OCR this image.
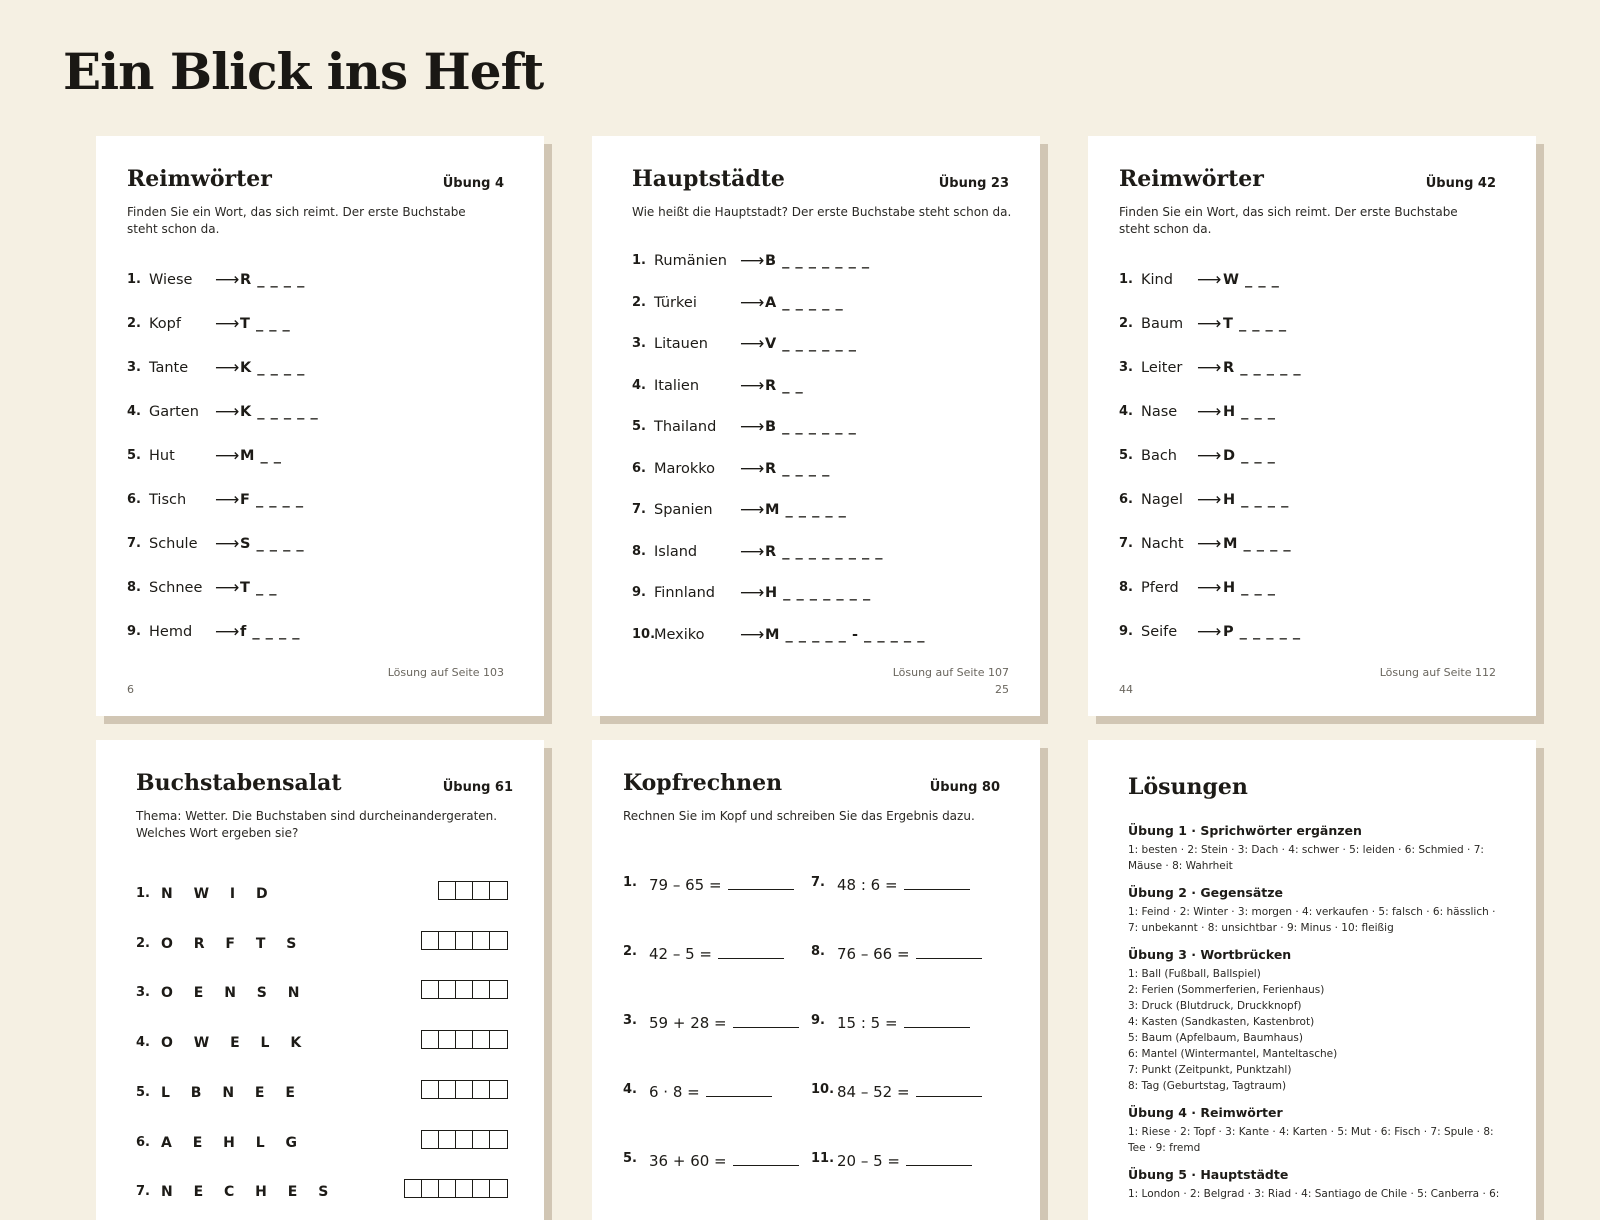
Ein Blick ins Heft
Reimwörter	Übung 4
Finden Sie ein Wort, das sich reimt. Der erste Buchstabe steht schon da.
1. Wiese ⟶ R _ _ _ _
2. Kopf ⟶ T _ _ _
3. Tante ⟶ K _ _ _ _
4. Garten ⟶ K _ _ _ _ _
5. Hut ⟶ M _ _
6. Tisch ⟶ F _ _ _ _
7. Schule ⟶ S _ _ _ _
8. Schnee ⟶ T _ _
9. Hemd ⟶ f _ _ _ _
Lösung auf Seite 103
6
Hauptstädte	Übung 23
Wie heißt die Hauptstadt? Der erste Buchstabe steht schon da.
1. Rumänien ⟶ B _ _ _ _ _ _ _
2. Türkei	⟶ A _ _ _ _ _
3. Litauen ⟶ V _ _ _ _ _ _
4. Italien ⟶ R _ _
5. Thailand ⟶ B _ _ _ _ _ _
6. Marokko ⟶ R _ _ _ _
7. Spanien ⟶ M _ _ _ _ _
8. Island	⟶ R _ _ _ _ _ _ _ _
9. Finnland ⟶ H _ _ _ _ _ _ _
10.
Mexiko ⟶ M _ _ _ _ _ - _ _ _ _ _
Lösung auf Seite 107
25
Reimwörter	Übung 42
Finden Sie ein Wort, das sich reimt. Der erste Buchstabe steht schon da.
1. Kind ⟶ W _ _ _
2. Baum ⟶ T _ _ _ _
3. Leiter ⟶ R _ _ _ _ _
4. Nase ⟶ H _ _ _
5. Bach ⟶ D _ _ _
6. Nagel ⟶ H _ _ _ _
7. Nacht ⟶ M _ _ _ _
8. Pferd ⟶ H _ _ _
9. Seife ⟶ P _ _ _ _ _
Lösung auf Seite 112
44
Buchstabensalat	Übung 61
Thema: Wetter. Die Buchstaben sind durcheinandergeraten. Welches Wort ergeben sie?
1. N W I D
2. O R F T S
3. O E N S N
4. O W E L K
5. L B N E E
6. A E H L G
7. N E C H E S
Kopfrechnen	Übung 80
Rechnen Sie im Kopf und schreiben Sie das Ergebnis dazu.
1. 79 – 65 =
2. 42 – 5 =
3. 59 + 28 =
4. 6 · 8 =
5. 36 + 60 =
7. 48 : 6 =
8. 76 – 66 =
9. 15 : 5 =
10. 84 – 52 =
11. 20 – 5 =
Lösungen
Übung 1 · Sprichwörter ergänzen
1: besten · 2: Stein · 3: Dach · 4: schwer · 5: leiden · 6: Schmied · 7: Mäuse · 8: Wahrheit
Übung 2 · Gegensätze
1: Feind · 2: Winter · 3: morgen · 4: verkaufen · 5: falsch · 6: hässlich · 7: unbekannt · 8: unsichtbar · 9: Minus · 10: fleißig
Übung 3 · Wortbrücken
1: Ball (Fußball, Ballspiel)
2: Ferien (Sommerferien, Ferienhaus)
3: Druck (Blutdruck, Druckknopf)
4: Kasten (Sandkasten, Kastenbrot)
5: Baum (Apfelbaum, Baumhaus)
6: Mantel (Wintermantel, Manteltasche)
7: Punkt (Zeitpunkt, Punktzahl)
8: Tag (Geburtstag, Tagtraum)
Übung 4 · Reimwörter
1: Riese · 2: Topf · 3: Kante · 4: Karten · 5: Mut · 6: Fisch · 7: Spule · 8: Tee · 9: fremd
Übung 5 · Hauptstädte
1: London · 2: Belgrad · 3: Riad · 4: Santiago de Chile · 5: Canberra · 6:
